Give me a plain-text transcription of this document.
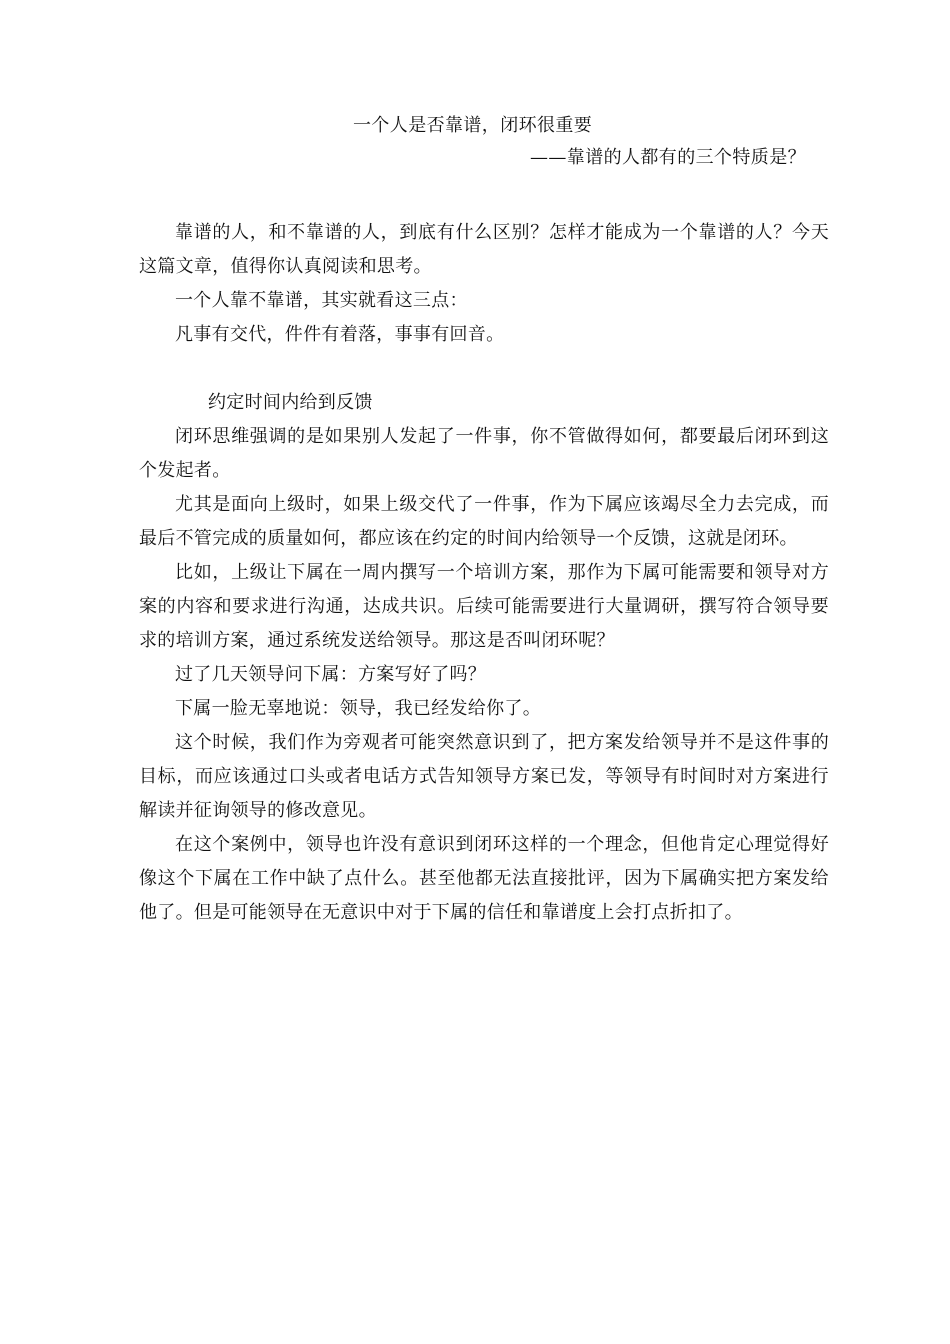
一个人是否靠谱，闭环很重要
——靠谱的人都有的三个特质是？

靠谱的人，和不靠谱的人，到底有什么区别？怎样才能成为一个靠谱的人？今天这篇文章，值得你认真阅读和思考。

一个人靠不靠谱，其实就看这三点：

凡事有交代，件件有着落，事事有回音。

约定时间内给到反馈

闭环思维强调的是如果别人发起了一件事，你不管做得如何，都要最后闭环到这个发起者。

尤其是面向上级时，如果上级交代了一件事，作为下属应该竭尽全力去完成，而最后不管完成的质量如何，都应该在约定的时间内给领导一个反馈，这就是闭环。

比如，上级让下属在一周内撰写一个培训方案，那作为下属可能需要和领导对方案的内容和要求进行沟通，达成共识。后续可能需要进行大量调研，撰写符合领导要求的培训方案，通过系统发送给领导。那这是否叫闭环呢？

过了几天领导问下属：方案写好了吗？

下属一脸无辜地说：领导，我已经发给你了。

这个时候，我们作为旁观者可能突然意识到了，把方案发给领导并不是这件事的目标，而应该通过口头或者电话方式告知领导方案已发，等领导有时间时对方案进行解读并征询领导的修改意见。

在这个案例中，领导也许没有意识到闭环这样的一个理念，但他肯定心理觉得好像这个下属在工作中缺了点什么。甚至他都无法直接批评，因为下属确实把方案发给他了。但是可能领导在无意识中对于下属的信任和靠谱度上会打点折扣了。
